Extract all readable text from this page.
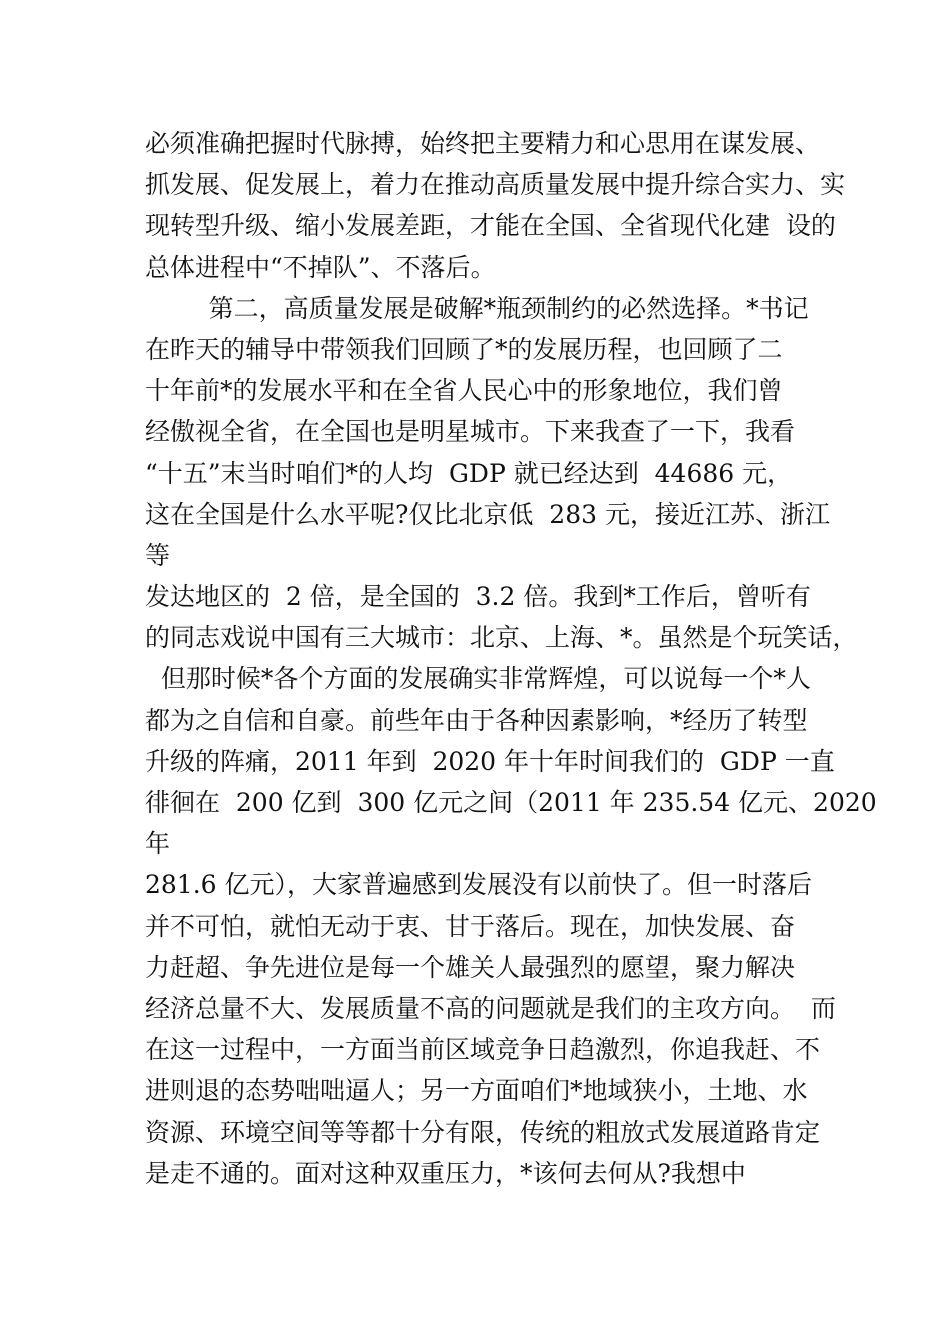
必须准确把握时代脉搏，始终把主要精力和心思用在谋发展、
抓发展、促发展上，着力在推动高质量发展中提升综合实力、实
现转型升级、缩小发展差距，才能在全国、全省现代化建  设的
总体进程中“不掉队”、不落后。
第二，高质量发展是破解*瓶颈制约的必然选择。*书记
在昨天的辅导中带领我们回顾了*的发展历程，也回顾了二
十年前*的发展水平和在全省人民心中的形象地位，我们曾
经傲视全省，在全国也是明星城市。下来我查了一下，我看
“十五”末当时咱们*的人均  GDP 就已经达到  44686 元，
这在全国是什么水平呢?仅比北京低  283 元，接近江苏、浙江
等
发达地区的  2 倍，是全国的  3.2 倍。我到*工作后，曾听有
的同志戏说中国有三大城市：北京、上海、*。虽然是个玩笑话，
但那时候*各个方面的发展确实非常辉煌，可以说每一个*人
都为之自信和自豪。前些年由于各种因素影响，*经历了转型
升级的阵痛，2011 年到  2020 年十年时间我们的  GDP 一直
徘徊在  200 亿到  300 亿元之间（2011 年 235.54 亿元、2020
年
281.6 亿元），大家普遍感到发展没有以前快了。但一时落后
并不可怕，就怕无动于衷、甘于落后。现在，加快发展、奋
力赶超、争先进位是每一个雄关人最强烈的愿望，聚力解决
经济总量不大、发展质量不高的问题就是我们的主攻方向。  而
在这一过程中，一方面当前区域竞争日趋激烈，你追我赶、不
进则退的态势咄咄逼人；另一方面咱们*地域狭小，土地、水
资源、环境空间等等都十分有限，传统的粗放式发展道路肯定
是走不通的。面对这种双重压力，*该何去何从?我想中
